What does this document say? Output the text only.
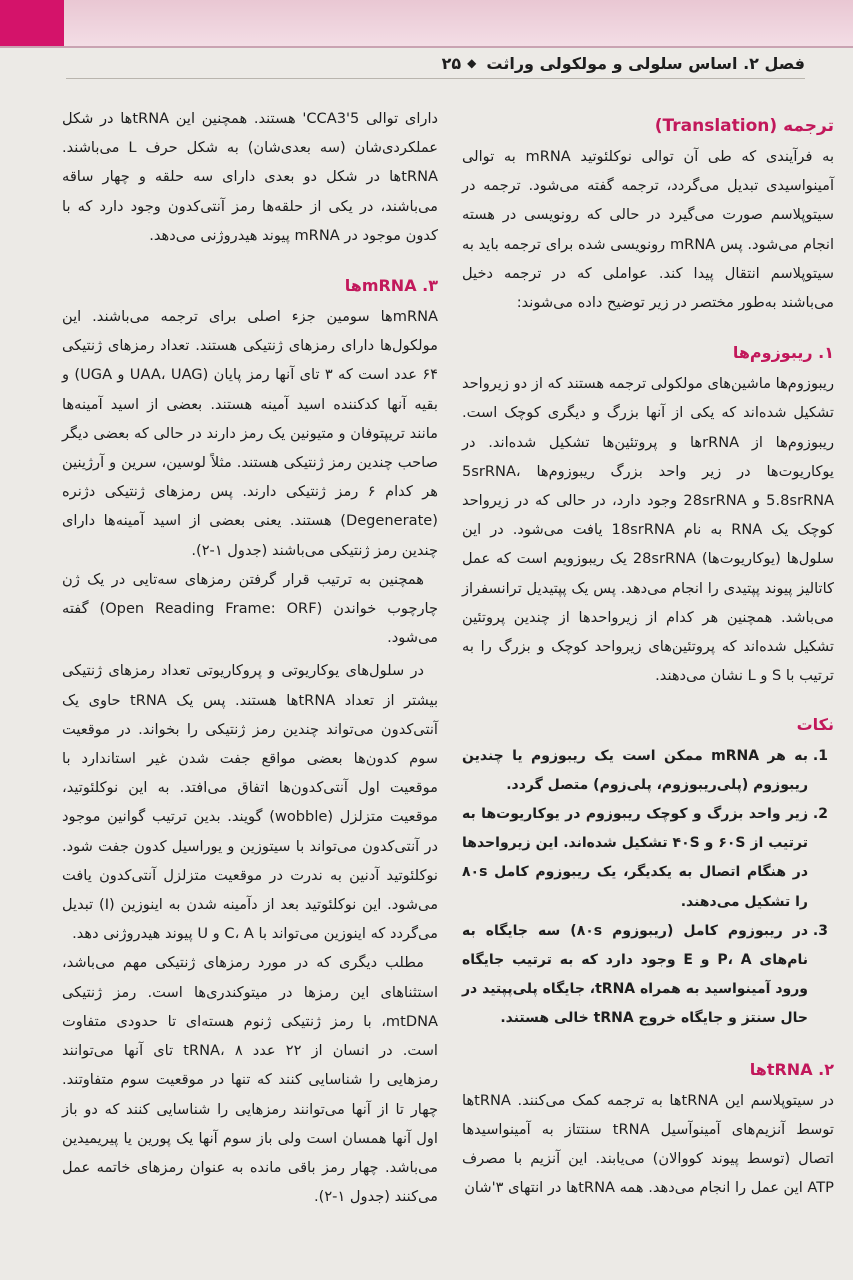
فصل ۲. اساس سلولی و مولکولی وراثت
◆
۲۵
ترجمه (Translation)

به فرآیندی که طی آن توالی نوکلئوتید mRNA به توالی آمینواسیدی تبدیل می‌گردد، ترجمه گفته می‌شود. ترجمه در سیتوپلاسم صورت می‌گیرد در حالی که رونویسی در هسته انجام می‌شود. پس mRNA رونویسی شده برای ترجمه باید به سیتوپلاسم انتقال پیدا کند. عواملی که در ترجمه دخیل می‌باشند به‌طور مختصر در زیر توضیح داده می‌شوند:

۱. ریبوزوم‌ها

ریبوزوم‌ها ماشین‌های مولکولی ترجمه هستند که از دو زیرواحد تشکیل شده‌اند که یکی از آنها بزرگ و دیگری کوچک است. ریبوزوم‌ها از rRNAها و پروتئین‌ها تشکیل شده‌اند. در یوکاریوت‌ها در زیر واحد بزرگ ریبوزوم‌ها 5srRNA، 5.8srRNA و 28srRNA وجود دارد، در حالی که در زیرواحد کوچک یک RNA به نام 18srRNA یافت می‌شود. در این سلول‌ها (یوکاریوت‌ها) 28srRNA یک ریبوزویم است که عمل کاتالیز پیوند پپتیدی را انجام می‌دهد. پس یک پپتیدیل ترانسفراز می‌باشد. همچنین هر کدام از زیرواحدها از چندین پروتئین تشکیل شده‌اند که پروتئین‌های زیرواحد کوچک و بزرگ را به ترتیب با S و L نشان می‌دهند.

نکات
1. به هر mRNA ممکن است یک ریبوزوم یا چندین ریبوزوم (پلی‌ریبوزوم، پلی‌زوم) متصل گردد.
2. زیر واحد بزرگ و کوچک ریبوزوم در یوکاریوت‌ها به ترتیب از ۶۰S و ۴۰S تشکیل شده‌اند. این زیرواحدها در هنگام اتصال به یکدیگر، یک ریبوزوم کامل ۸۰s را تشکیل می‌دهند.
3. در ریبوزوم کامل (ریبوزوم ۸۰s) سه جایگاه به نام‌های P، A و E وجود دارد که به ترتیب جایگاه ورود آمینواسید به همراه tRNA، جایگاه پلی‌پپتید در حال سنتز و جایگاه خروج tRNA خالی هستند.
۲. tRNAها

در سیتوپلاسم این tRNAها به ترجمه کمک می‌کنند. tRNAها توسط آنزیم‌های آمینوآسیل tRNA سنتتاز به آمینواسیدها اتصال (توسط پیوند کووالان) می‌یابند. این آنزیم با مصرف ATP این عمل را انجام می‌دهد. همه tRNAها در انتهای ۳'شان

دارای توالی 5'CCA3' هستند. همچنین این tRNAها در شکل عملکردی‌شان (سه بعدی‌شان) به شکل حرف L می‌باشند. tRNAها در شکل دو بعدی دارای سه حلقه و چهار ساقه می‌باشند، در یکی از حلقه‌ها رمز آنتی‌کدون وجود دارد که با کدون موجود در mRNA پیوند هیدروژنی می‌دهد.

۳. mRNAها

mRNAها سومین جزء اصلی برای ترجمه می‌باشند. این مولکول‌ها دارای رمزهای ژنتیکی هستند. تعداد رمزهای ژنتیکی ۶۴ عدد است که ۳ تای آنها رمز پایان (UAA، UAG و UGA) و بقیه آنها کدکننده اسید آمینه هستند. بعضی از اسید آمینه‌ها مانند تریپتوفان و متیونین یک رمز دارند در حالی که بعضی دیگر صاحب چندین رمز ژنتیکی هستند. مثلاً لوسین، سرین و آرژینین هر کدام ۶ رمز ژنتیکی دارند. پس رمزهای ژنتیکی دژنره (Degenerate) هستند. یعنی بعضی از اسید آمینه‌ها دارای چندین رمز ژنتیکی می‌باشند (جدول ۱-۲).

همچنین به ترتیب قرار گرفتن رمزهای سه‌تایی در یک ژن چارچوب خواندن (Open Reading Frame: ORF) گفته می‌شود.

در سلول‌های یوکاریوتی و پروکاریوتی تعداد رمزهای ژنتیکی بیشتر از تعداد tRNAها هستند. پس یک tRNA حاوی یک آنتی‌کدون می‌تواند چندین رمز ژنتیکی را بخواند. در موقعیت سوم کدون‌ها بعضی مواقع جفت شدن غیر استاندارد با موقعیت اول آنتی‌کدون‌ها اتفاق می‌افتد. به این نوکلئوتید، موقعیت متزلزل (wobble) گویند. بدین ترتیب گوانین موجود در آنتی‌کدون می‌تواند با سیتوزین و یوراسیل کدون جفت شود. نوکلئوتید آدنین به ندرت در موقعیت متزلزل آنتی‌کدون یافت می‌شود. این نوکلئوتید بعد از دآمینه شدن به اینوزین (I) تبدیل می‌گردد که اینوزین می‌تواند با C، A و U پیوند هیدروژنی دهد.

مطلب دیگری که در مورد رمزهای ژنتیکی مهم می‌باشد، استثناهای این رمزها در میتوکندری‌ها است. رمز ژنتیکی mtDNA، با رمز ژنتیکی ژنوم هسته‌ای تا حدودی متفاوت است. در انسان از ۲۲ عدد tRNA، ۸ تای آنها می‌توانند رمزهایی را شناسایی کنند که تنها در موقعیت سوم متفاوتند. چهار تا از آنها می‌توانند رمزهایی را شناسایی کنند که دو باز اول آنها همسان است ولی باز سوم آنها یک پورین یا پیریمیدین می‌باشد. چهار رمز باقی مانده به عنوان رمزهای خاتمه عمل می‌کنند (جدول ۱-۲).
